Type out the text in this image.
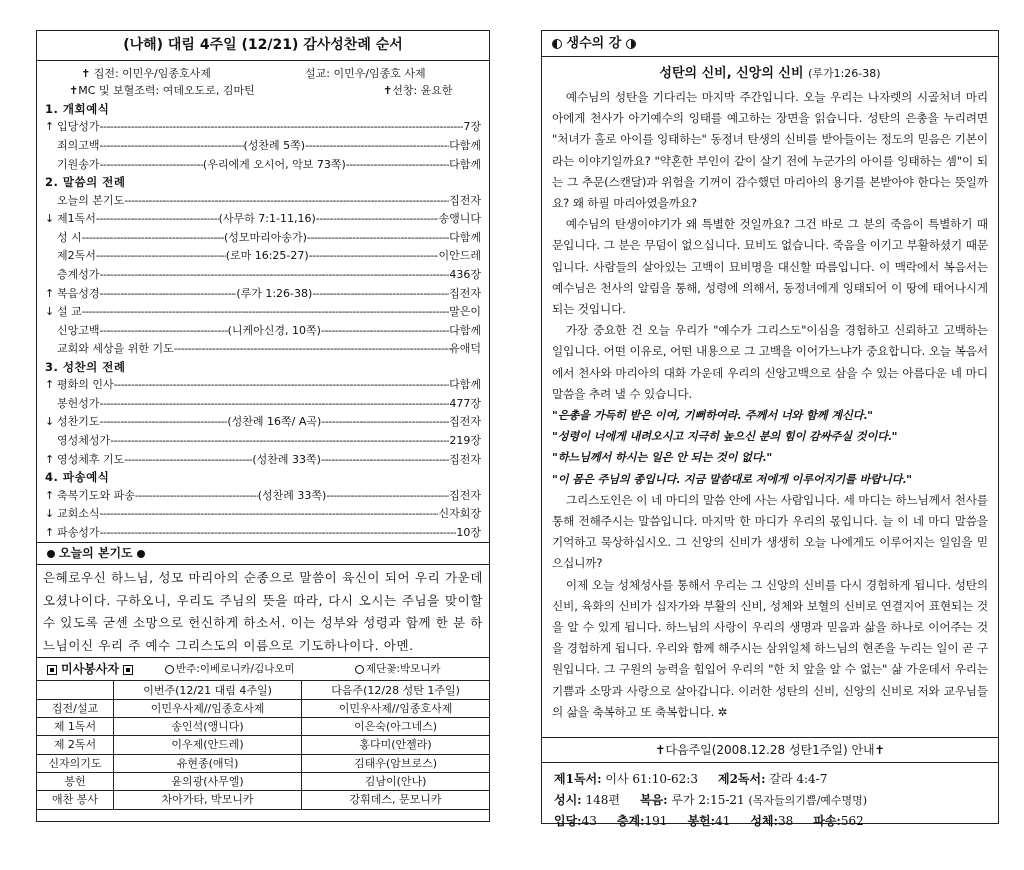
(나해) 대림 4주일 (12/21) 감사성찬례 순서
✝ 집전: 이민우/임종호사제	설교: 이민우/임종호 사제
✝MC 및 보혈조력: 여데오도로, 김마틴	✝선창: 윤요한
1. 개회예식
↑ 입당성가 -----	7장
죄의고백 -----	(성찬례 5쪽) -----	다함께
기원송가 -----	(우리에게 오시어, 악보 73쪽) -----	다함께
2. 말씀의 전례
오늘의 본기도 -----	집전자
↓ 제1독서 -----	(사무하 7:1-11,16) -----	송앵니다
성 시 -----	(성모마리아송가) -----	다함께
제2독서 -----	(로마 16:25-27) -----	이안드레
층계성가 -----	436장
↑ 복음성경 -----	(루가 1:26-38) -----	집전자
↓ 설 교 -----	말은이
신앙고백 -----	(니케아신경, 10쪽) -----	다함께
교회와 세상을 위한 기도 -----	유애덕
3. 성찬의 전례
↑ 평화의 인사 -----	다함께
봉헌성가 -----	477장
↓ 성찬기도 -----	(성찬례 16쪽/ A곡) -----	집전자
영성체성가 -----	219장
↑ 영성체후 기도 -----	(성찬례 33쪽) -----	집전자
4. 파송예식
↑ 축복기도와 파송 -----	(성찬례 33쪽) -----	집전자
↓ 교회소식 -----	신자회장
↑ 파송성가 -----	10장
오늘의 본기도
은혜로우신 하느님, 성모 마리아의 순종으로 말씀이 육신이 되어 우리 가운데 오셨나이다. 구하오니, 우리도 주님의 뜻을 따라, 다시 오시는 주님을 맞이할 수 있도록 굳센 소망으로 헌신하게 하소서. 이는 성부와 성령과 함께 한 분 하느님이신 우리 주 예수 그리스도의 이름으로 기도하나이다. 아멘.
미사봉사자	반주:이베로니카/김나오미	제단꽃:박모니카
	이번주(12/21 대림 4주일)	다음주(12/28 성탄 1주일)
집전/설교	이민우사제//임종호사제	이민우사제//임종호사제
제 1독서	송인석(앵니다)	이은숙(아그네스)
제 2독서	이우제(안드레)	홍다미(안젤라)
신자의기도	유현종(애덕)	김태우(암브로스)
봉헌	윤의광(사무엘)	김남이(안나)
애찬 봉사	차아가타, 박모니카	강휘데스, 문모니카
생수의 강
성탄의 신비, 신앙의 신비 (루가1:26-38)

예수님의 성탄을 기다리는 마지막 주간입니다. 오늘 우리는 나자렛의 시골처녀 마리아에게 천사가 아기예수의 잉태를 예고하는 장면을 읽습니다. 성탄의 은총을 누리려면 "처녀가 홀로 아이를 잉태하는" 동정녀 탄생의 신비를 받아들이는 정도의 믿음은 기본이라는 이야기일까요? "약혼한 부인이 같이 살기 전에 누군가의 아이를 잉태하는 셈"이 되는 그 추문(스캔달)과 위험을 기꺼이 감수했던 마리아의 용기를 본받아야 한다는 뜻일까요? 왜 하필 마리아였을까요?

예수님의 탄생이야기가 왜 특별한 것일까요? 그건 바로 그 분의 죽음이 특별하기 때문입니다. 그 분은 무덤이 없으십니다. 묘비도 없습니다. 죽음을 이기고 부활하셨기 때문입니다. 사람들의 살아있는 고백이 묘비명을 대신할 따름입니다. 이 맥락에서 복음서는 예수님은 천사의 알림을 통해, 성령에 의해서, 동정녀에게 잉태되어 이 땅에 태어나시게 되는 것입니다.

가장 중요한 건 오늘 우리가 "예수가 그리스도"이심을 경험하고 신뢰하고 고백하는 일입니다. 어떤 이유로, 어떤 내용으로 그 고백을 이어가느냐가 중요합니다. 오늘 복음서에서 천사와 마리아의 대화 가운데 우리의 신앙고백으로 삼을 수 있는 아름다운 네 마디 말씀을 추려 낼 수 있습니다.

"은총을 가득히 받은 이여, 기뻐하여라. 주께서 너와 함께 계신다."

"성령이 너에게 내려오시고 지극히 높으신 분의 힘이 감싸주실 것이다."

"하느님께서 하시는 일은 안 되는 것이 없다."

"이 몸은 주님의 종입니다. 지금 말씀대로 저에게 이루어지기를 바랍니다."

그리스도인은 이 네 마디의 말씀 안에 사는 사람입니다. 세 마디는 하느님께서 천사를 통해 전해주시는 말씀입니다. 마지막 한 마디가 우리의 몫입니다. 늘 이 네 마디 말씀을 기억하고 묵상하십시오. 그 신앙의 신비가 생생히 오늘 나에게도 이루어지는 일임을 믿으십니까?

이제 오늘 성체성사를 통해서 우리는 그 신앙의 신비를 다시 경험하게 됩니다. 성탄의 신비, 육화의 신비가 십자가와 부활의 신비, 성체와 보혈의 신비로 연결지어 표현되는 것을 알 수 있게 됩니다. 하느님의 사랑이 우리의 생명과 믿음과 삶을 하나로 이어주는 것을 경험하게 됩니다. 우리와 함께 해주시는 삼위일체 하느님의 현존을 누리는 일이 곧 구원입니다. 그 구원의 능력을 힘입어 우리의 "한 치 앞을 알 수 없는" 삶 가운데서 우리는 기쁨과 소망과 사랑으로 살아갑니다. 이러한 성탄의 신비, 신앙의 신비로 저와 교우님들의 삶을 축복하고 또 축복합니다. ✲

✝다음주일(2008.12.28 성탄1주일) 안내✝
제1독서: 이사 61:10-62:3 제2독서: 갈라 4:4-7
성시: 148편 복음: 루가 2:15-21 (목자들의기쁨/예수명명)
입당:43 층계:191 봉헌:41 성체:38 파송:562
